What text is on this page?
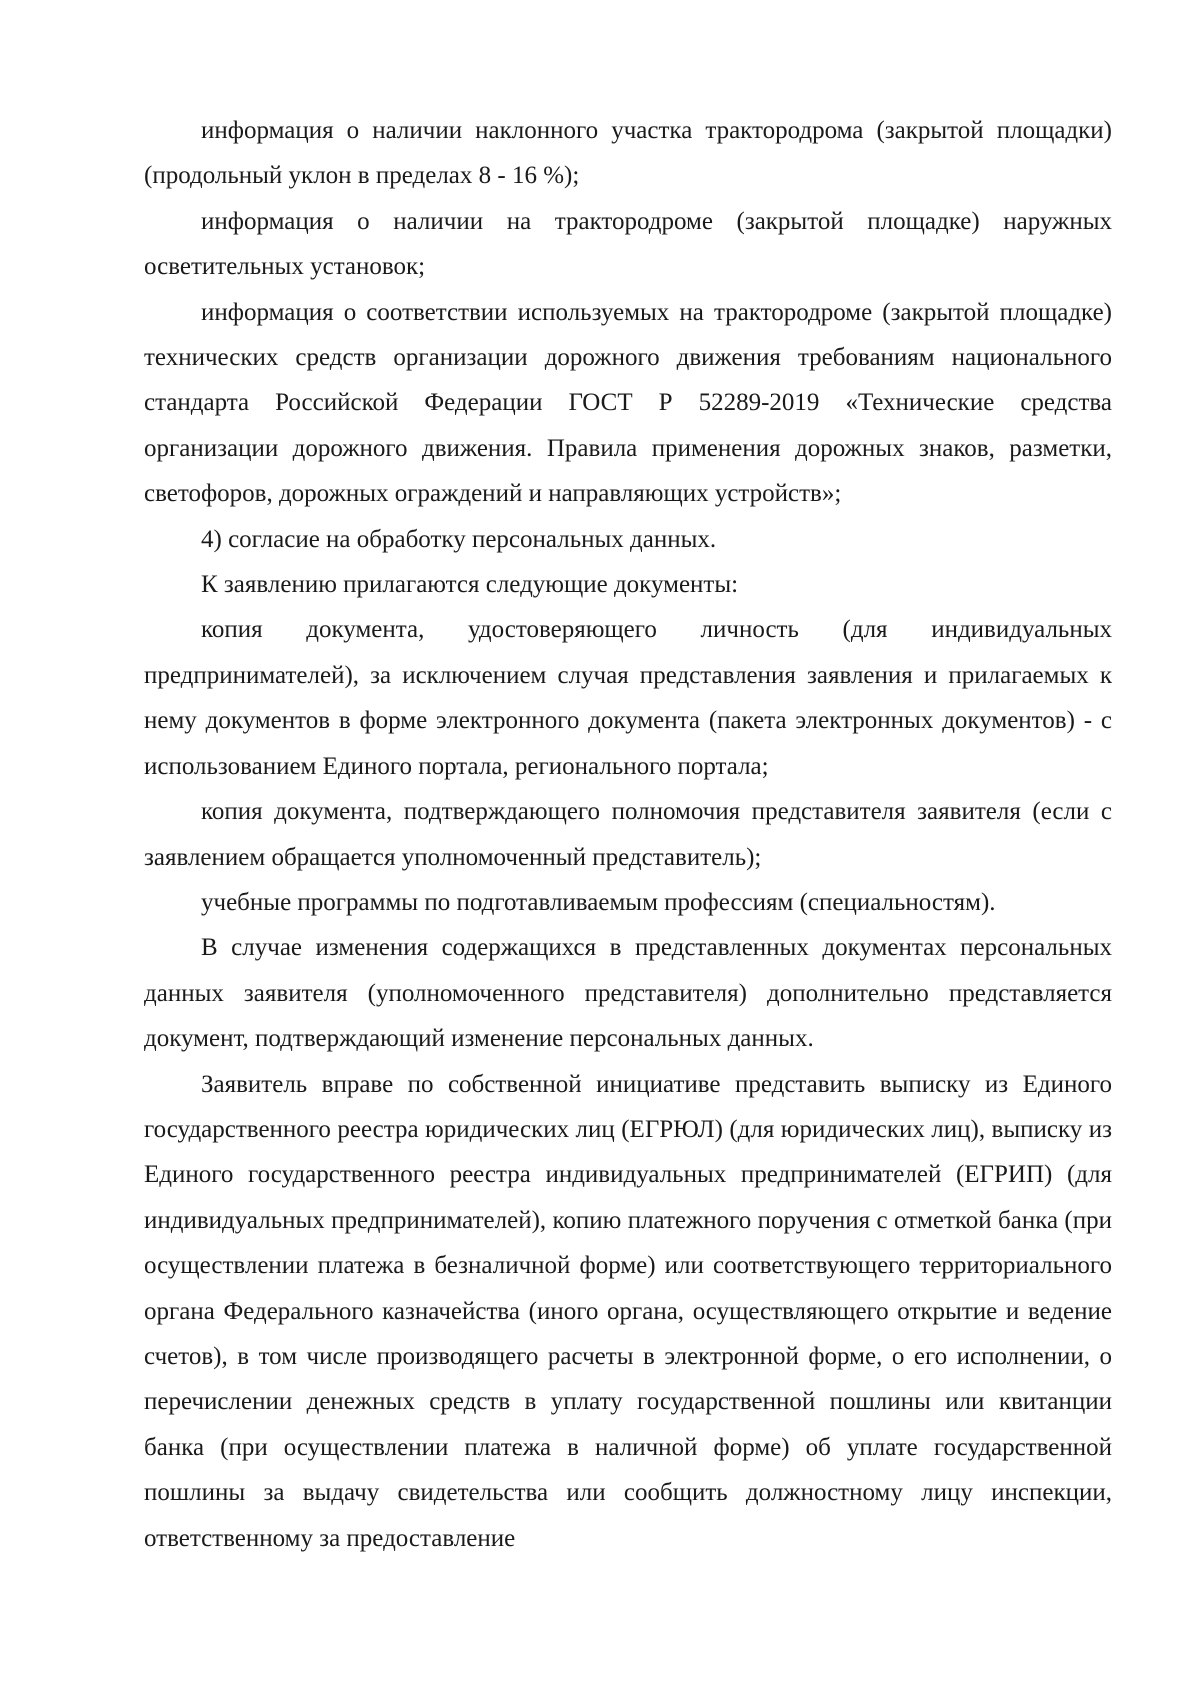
информация о наличии наклонного участка трактородрома (закрытой площадки) (продольный уклон в пределах 8 - 16 %);

информация о наличии на трактородроме (закрытой площадке) наружных осветительных установок;

информация о соответствии используемых на трактородроме (закрытой площадке) технических средств организации дорожного движения требованиям национального стандарта Российской Федерации ГОСТ Р 52289-2019 «Технические средства организации дорожного движения. Правила применения дорожных знаков, разметки, светофоров, дорожных ограждений и направляющих устройств»;

4) согласие на обработку персональных данных.

К заявлению прилагаются следующие документы:

копия документа, удостоверяющего личность (для индивидуальных предпринимателей), за исключением случая представления заявления и прилагаемых к нему документов в форме электронного документа (пакета электронных документов) - с использованием Единого портала, регионального портала;

копия документа, подтверждающего полномочия представителя заявителя (если с заявлением обращается уполномоченный представитель);

учебные программы по подготавливаемым профессиям (специальностям).

В случае изменения содержащихся в представленных документах персональных данных заявителя (уполномоченного представителя) дополнительно представляется документ, подтверждающий изменение персональных данных.

Заявитель вправе по собственной инициативе представить выписку из Единого государственного реестра юридических лиц (ЕГРЮЛ) (для юридических лиц), выписку из Единого государственного реестра индивидуальных предпринимателей (ЕГРИП) (для индивидуальных предпринимателей), копию платежного поручения с отметкой банка (при осуществлении платежа в безналичной форме) или соответствующего территориального органа Федерального казначейства (иного органа, осуществляющего открытие и ведение счетов), в том числе производящего расчеты в электронной форме, о его исполнении, о перечислении денежных средств в уплату государственной пошлины или квитанции банка (при осуществлении платежа в наличной форме) об уплате государственной пошлины за выдачу свидетельства или сообщить должностному лицу инспекции, ответственному за предоставление
